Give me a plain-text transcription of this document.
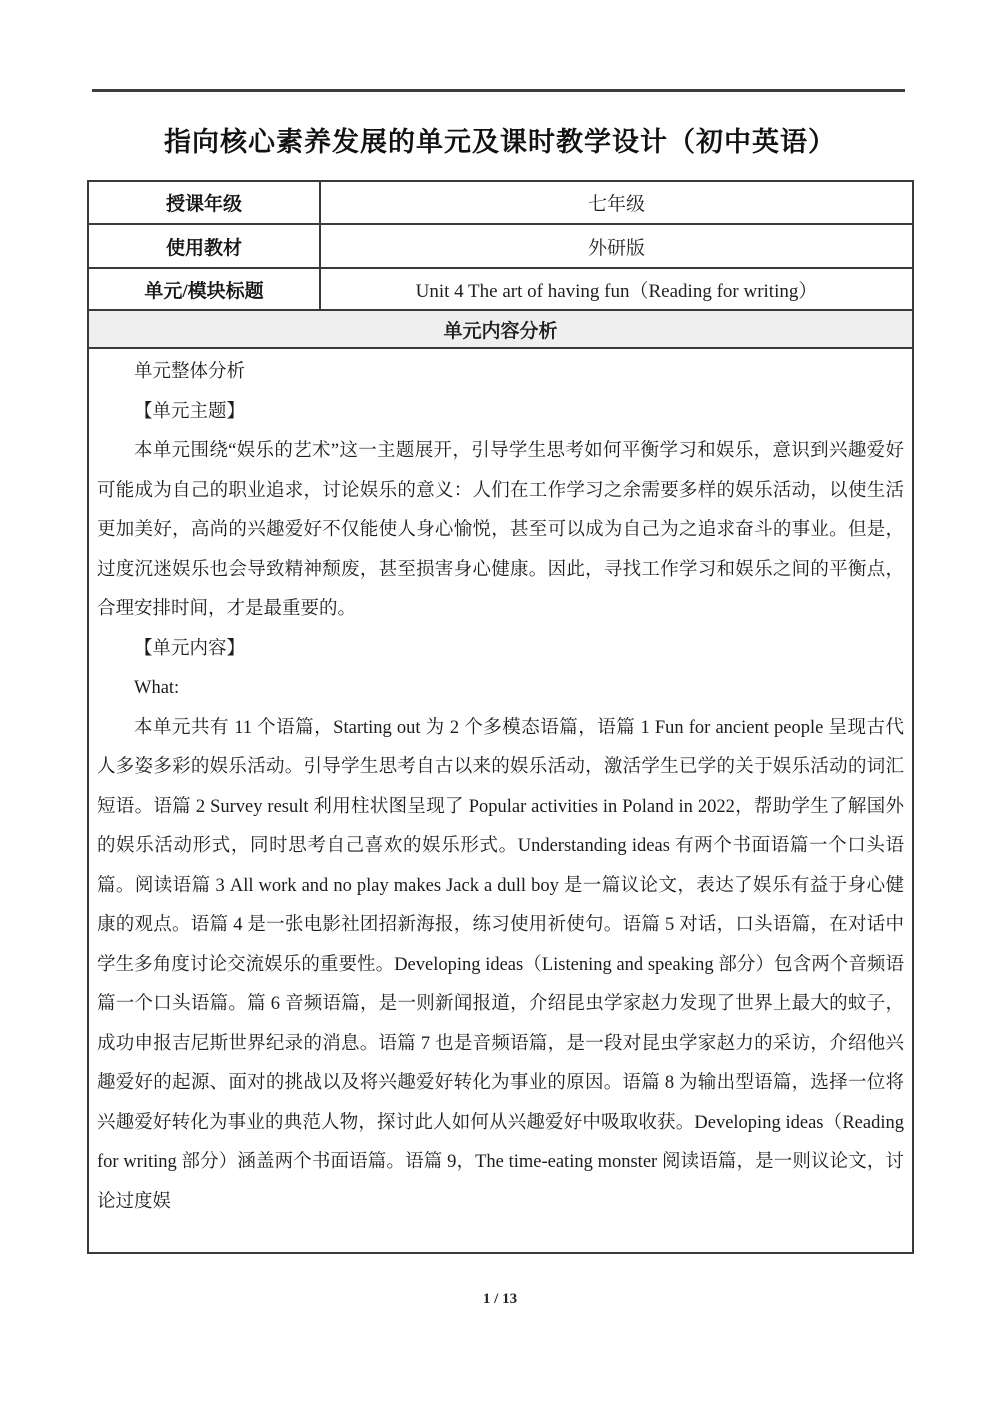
指向核心素养发展的单元及课时教学设计（初中英语）
授课年级	七年级
使用教材	外研版
单元/模块标题	Unit 4 The art of having fun（Reading for writing）
单元内容分析	

单元整体分析

【单元主题】

本单元围绕“娱乐的艺术”这一主题展开，引导学生思考如何平衡学习和娱乐，意识到兴趣爱好可能成为自己的职业追求，讨论娱乐的意义：人们在工作学习之余需要多样的娱乐活动，以使生活更加美好，高尚的兴趣爱好不仅能使人身心愉悦，甚至可以成为自己为之追求奋斗的事业。但是，过度沉迷娱乐也会导致精神颓废，甚至损害身心健康。因此，寻找工作学习和娱乐之间的平衡点，合理安排时间，才是最重要的。

【单元内容】

What:

本单元共有 11 个语篇，Starting out 为 2 个多模态语篇，语篇 1 Fun for ancient people 呈现古代人多姿多彩的娱乐活动。引导学生思考自古以来的娱乐活动，激活学生已学的关于娱乐活动的词汇短语。语篇 2 Survey result 利用柱状图呈现了 Popular activities in Poland in 2022，帮助学生了解国外的娱乐活动形式，同时思考自己喜欢的娱乐形式。Understanding ideas 有两个书面语篇一个口头语篇。阅读语篇 3 All work and no play makes Jack a dull boy 是一篇议论文，表达了娱乐有益于身心健康的观点。语篇 4 是一张电影社团招新海报，练习使用祈使句。语篇 5 对话，口头语篇，在对话中学生多角度讨论交流娱乐的重要性。Developing ideas（Listening and speaking 部分）包含两个音频语篇一个口头语篇。篇 6 音频语篇，是一则新闻报道，介绍昆虫学家赵力发现了世界上最大的蚊子，成功申报吉尼斯世界纪录的消息。语篇 7 也是音频语篇，是一段对昆虫学家赵力的采访，介绍他兴趣爱好的起源、面对的挑战以及将兴趣爱好转化为事业的原因。语篇 8 为输出型语篇，选择一位将兴趣爱好转化为事业的典范人物，探讨此人如何从兴趣爱好中吸取收获。Developing ideas（Reading for writing 部分）涵盖两个书面语篇。语篇 9，The time-eating monster 阅读语篇，是一则议论文，讨论过度娱

1 / 13
